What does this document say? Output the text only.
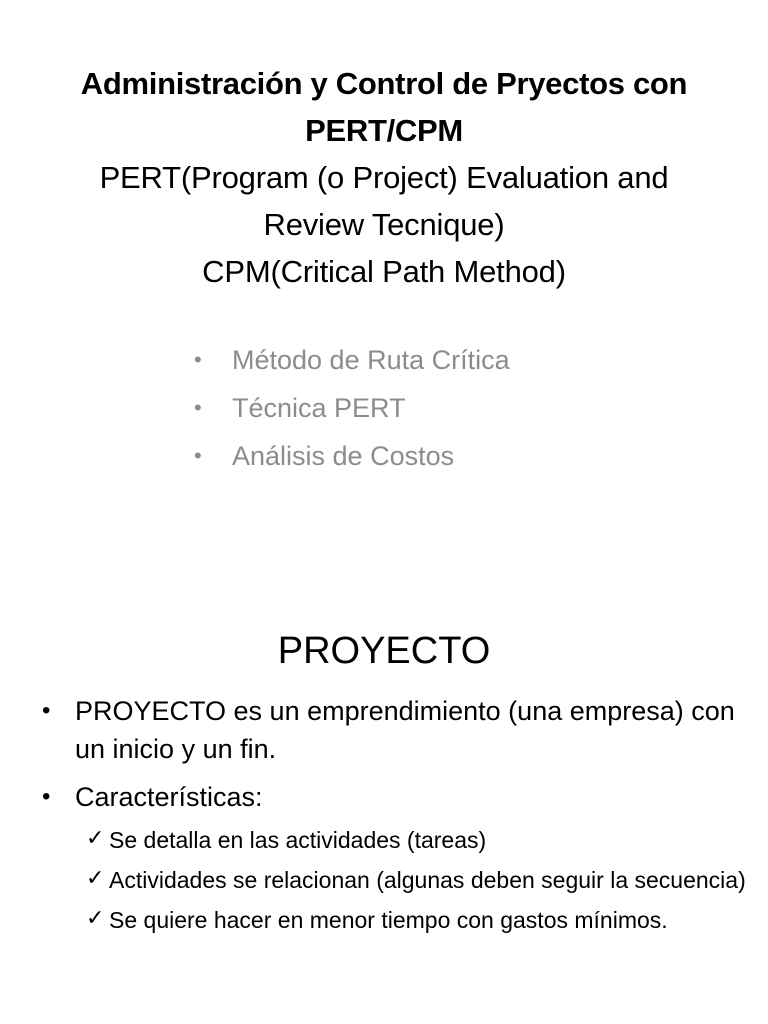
Administración y Control de Pryectos con
PERT/CPM
PERT(Program (o Project) Evaluation and
Review Tecnique)
CPM(Critical Path Method)
• Método de Ruta Crítica
• Técnica PERT
• Análisis de Costos
PROYECTO
• PROYECTO es un emprendimiento (una empresa) con un inicio y un fin.
• Características:
✓ Se detalla en las actividades (tareas)
✓ Actividades se relacionan (algunas deben seguir la secuencia)
✓ Se quiere hacer en menor tiempo con gastos mínimos.
